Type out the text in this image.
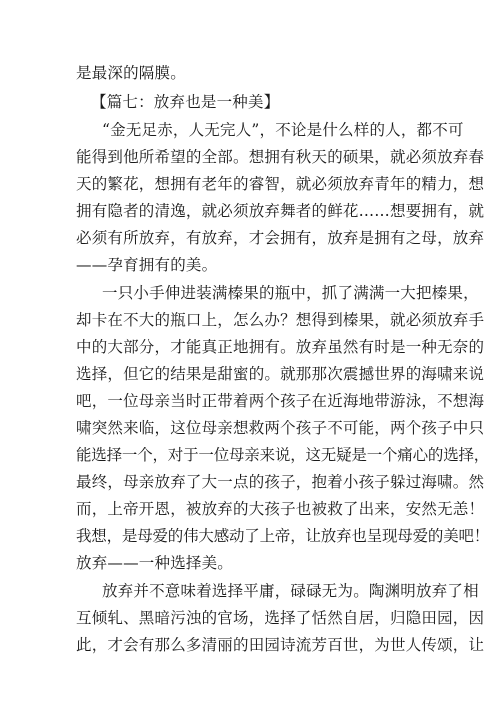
是最深的隔膜。
【篇七：放弃也是一种美】
“金无足赤，人无完人”，不论是什么样的人，都不可
能得到他所希望的全部。想拥有秋天的硕果，就必须放弃春
天的繁花，想拥有老年的睿智，就必须放弃青年的精力，想
拥有隐者的清逸，就必须放弃舞者的鲜花……想要拥有，就
必须有所放弃，有放弃，才会拥有，放弃是拥有之母，放弃
——孕育拥有的美。
一只小手伸进装满榛果的瓶中，抓了满满一大把榛果，
却卡在不大的瓶口上，怎么办？想得到榛果，就必须放弃手
中的大部分，才能真正地拥有。放弃虽然有时是一种无奈的
选择，但它的结果是甜蜜的。就那那次震撼世界的海啸来说
吧，一位母亲当时正带着两个孩子在近海地带游泳，不想海
啸突然来临，这位母亲想救两个孩子不可能，两个孩子中只
能选择一个，对于一位母亲来说，这无疑是一个痛心的选择，
最终，母亲放弃了大一点的孩子，抱着小孩子躲过海啸。然
而，上帝开恩，被放弃的大孩子也被救了出来，安然无恙！
我想，是母爱的伟大感动了上帝，让放弃也呈现母爱的美吧！
放弃——一种选择美。
放弃并不意味着选择平庸，碌碌无为。陶渊明放弃了相
互倾轧、黑暗污浊的官场，选择了恬然自居，归隐田园，因
此，才会有那么多清丽的田园诗流芳百世，为世人传颂，让
